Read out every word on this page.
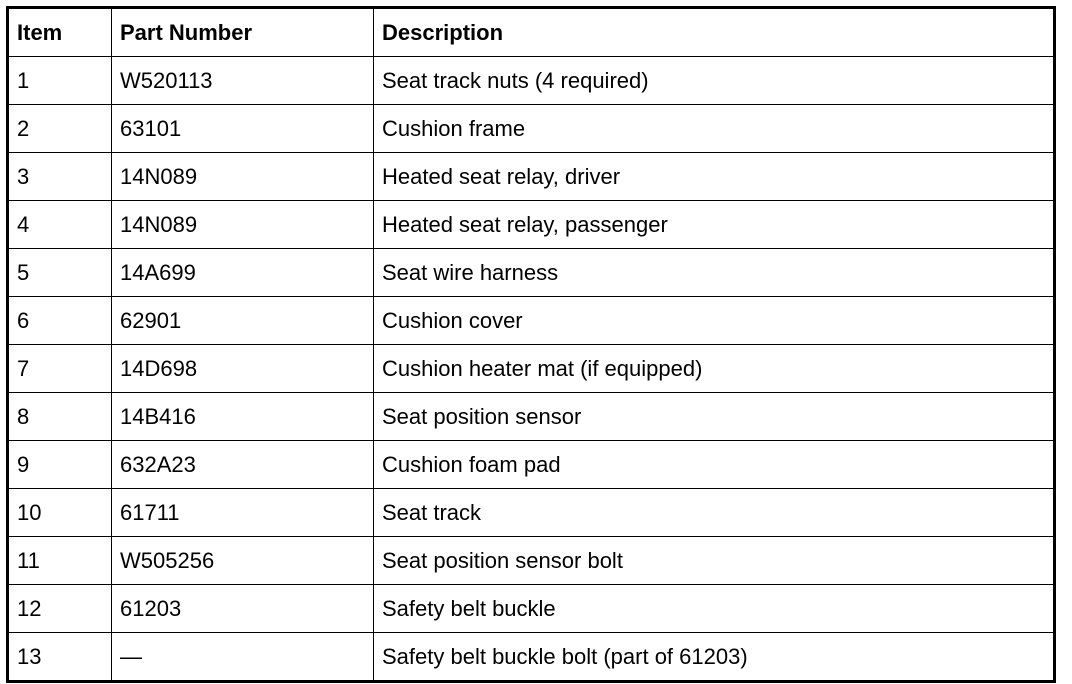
Item	Part Number	Description
1	W520113	Seat track nuts (4 required)
2	63101	Cushion frame
3	14N089	Heated seat relay, driver
4	14N089	Heated seat relay, passenger
5	14A699	Seat wire harness
6	62901	Cushion cover
7	14D698	Cushion heater mat (if equipped)
8	14B416	Seat position sensor
9	632A23	Cushion foam pad
10	61711	Seat track
11	W505256	Seat position sensor bolt
12	61203	Safety belt buckle
13	—	Safety belt buckle bolt (part of 61203)
